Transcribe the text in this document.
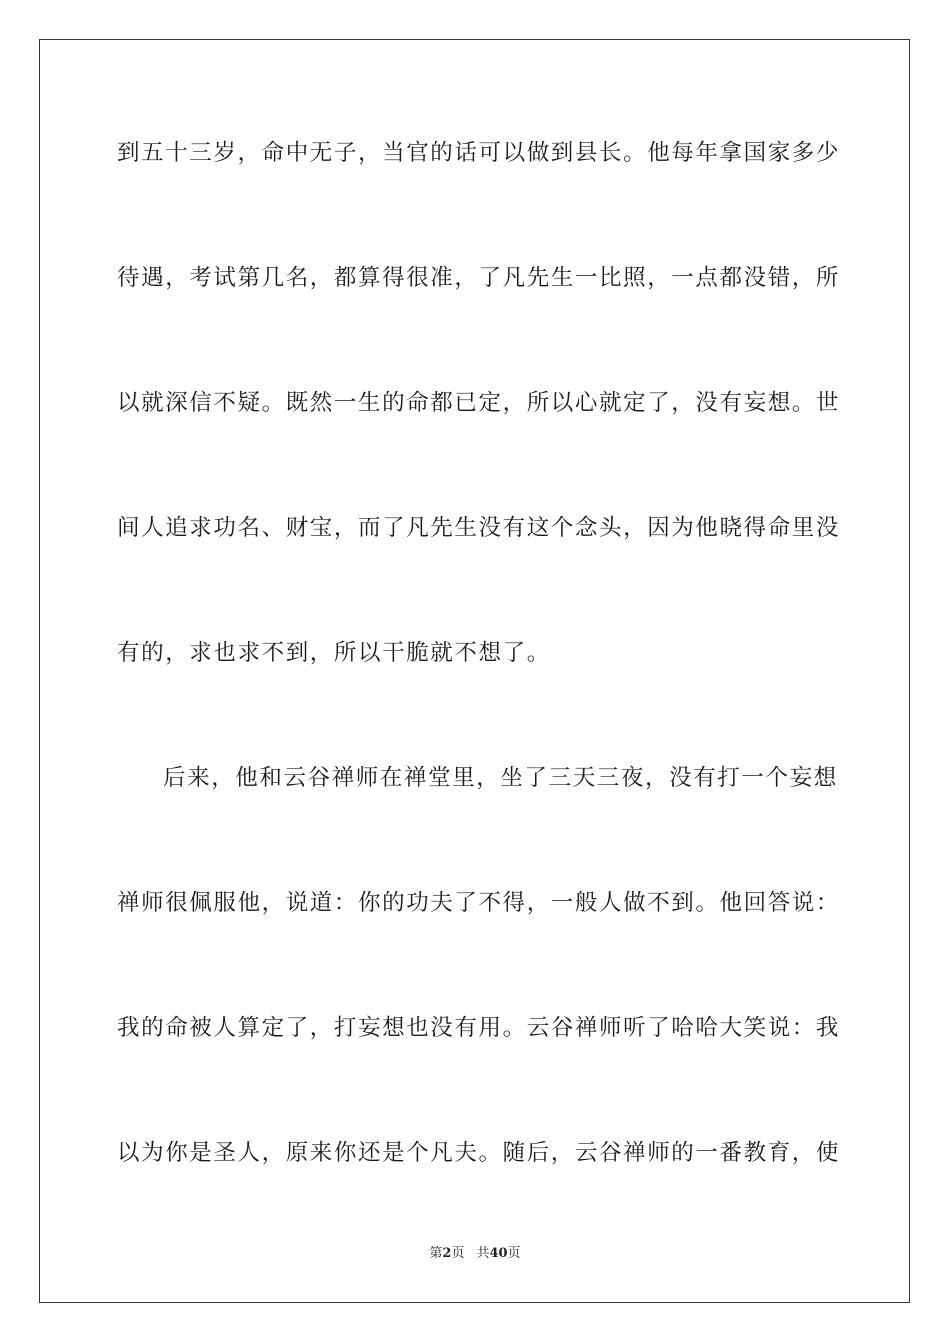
到五十三岁，命中无子，当官的话可以做到县长。他每年拿国家多少
待遇，考试第几名，都算得很准，了凡先生一比照，一点都没错，所
以就深信不疑。既然一生的命都已定，所以心就定了，没有妄想。世
间人追求功名、财宝，而了凡先生没有这个念头，因为他晓得命里没
有的，求也求不到，所以干脆就不想了。
后来，他和云谷禅师在禅堂里，坐了三天三夜，没有打一个妄想
禅师很佩服他，说道：你的功夫了不得，一般人做不到。他回答说：
我的命被人算定了，打妄想也没有用。云谷禅师听了哈哈大笑说：我
以为你是圣人，原来你还是个凡夫。随后，云谷禅师的一番教育，使
第2页 共40页
